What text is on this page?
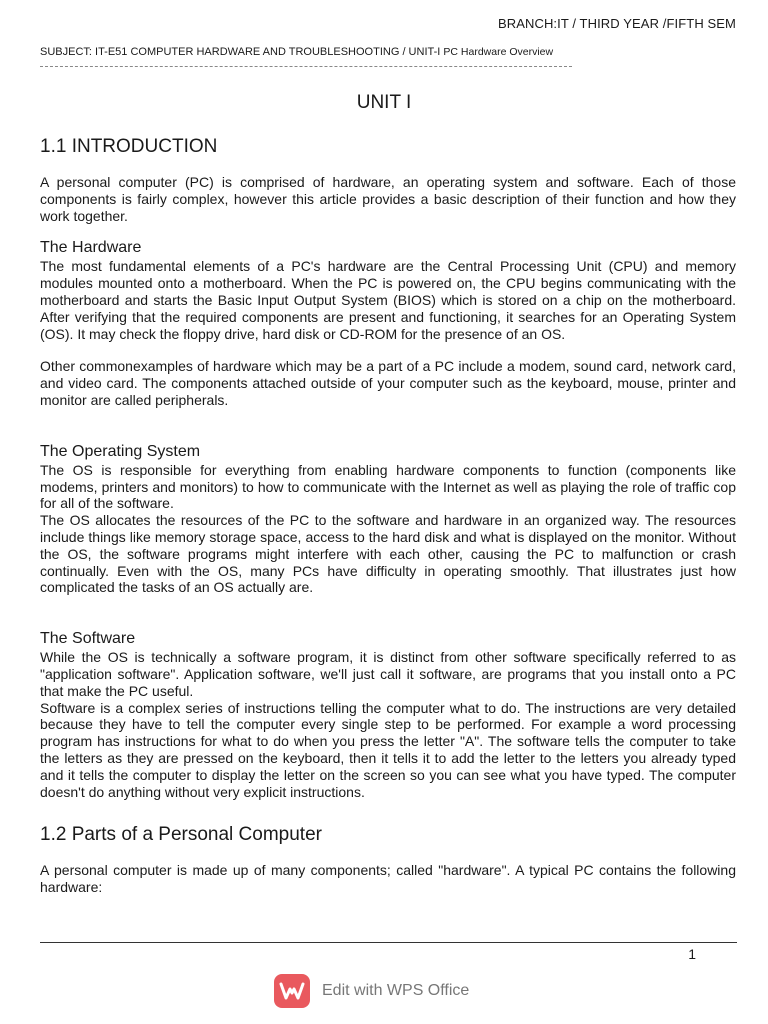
BRANCH:IT / THIRD YEAR /FIFTH SEM
SUBJECT: IT-E51 COMPUTER HARDWARE AND TROUBLESHOOTING / UNIT-I PC Hardware Overview
UNIT I
1.1 INTRODUCTION

A personal computer (PC) is comprised of hardware, an operating system and software. Each of those components is fairly complex, however this article provides a basic description of their function and how they work together.

The Hardware

The most fundamental elements of a PC's hardware are the Central Processing Unit (CPU) and memory modules mounted onto a motherboard. When the PC is powered on, the CPU begins communicating with the motherboard and starts the Basic Input Output System (BIOS) which is stored on a chip on the motherboard. After verifying that the required components are present and functioning, it searches for an Operating System (OS). It may check the floppy drive, hard disk or CD-ROM for the presence of an OS.

Other commonexamples of hardware which may be a part of a PC include a modem, sound card, network card, and video card. The components attached outside of your computer such as the keyboard, mouse, printer and monitor are called peripherals.

The Operating System

The OS is responsible for everything from enabling hardware components to function (components like modems, printers and monitors) to how to communicate with the Internet as well as playing the role of traffic cop for all of the software.

The OS allocates the resources of the PC to the software and hardware in an organized way. The resources include things like memory storage space, access to the hard disk and what is displayed on the monitor. Without the OS, the software programs might interfere with each other, causing the PC to malfunction or crash continually. Even with the OS, many PCs have difficulty in operating smoothly. That illustrates just how complicated the tasks of an OS actually are.

The Software

While the OS is technically a software program, it is distinct from other software specifically referred to as "application software". Application software, we'll just call it software, are programs that you install onto a PC that make the PC useful.

Software is a complex series of instructions telling the computer what to do. The instructions are very detailed because they have to tell the computer every single step to be performed. For example a word processing program has instructions for what to do when you press the letter "A". The software tells the computer to take the letters as they are pressed on the keyboard, then it tells it to add the letter to the letters you already typed and it tells the computer to display the letter on the screen so you can see what you have typed. The computer doesn't do anything without very explicit instructions.

1.2 Parts of a Personal Computer

A personal computer is made up of many components; called "hardware". A typical PC contains the following hardware:

1
Edit with WPS Office
